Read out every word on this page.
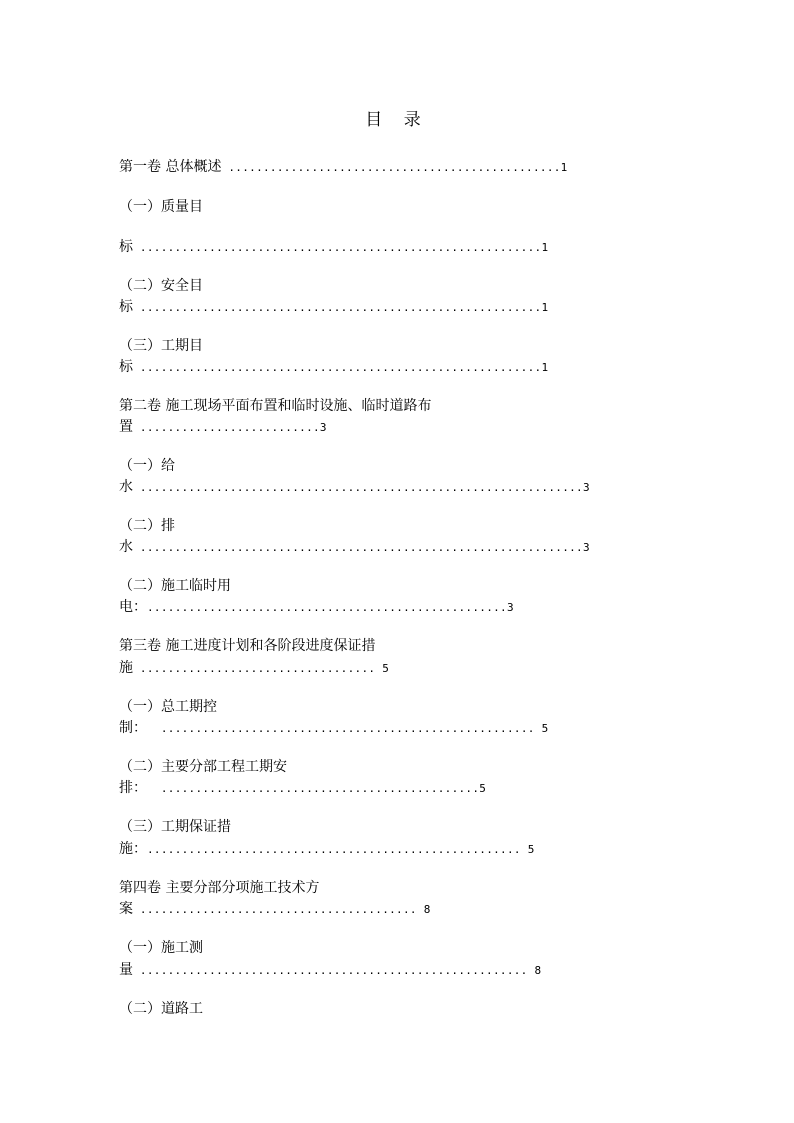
目 录
第一卷 总体概述 ................................................1
（一）质量目
标 ..........................................................1
（二）安全目
标 ..........................................................1
（三）工期目
标 ..........................................................1
第二卷 施工现场平面布置和临时设施、临时道路布
置 ..........................3
（一）给
水 ................................................................3
（二）排
水 ................................................................3
（二）施工临时用
电：....................................................3
第三卷 施工进度计划和各阶段进度保证措
施 .................................. 5
（一）总工期控
制：  ...................................................... 5
（二）主要分部工程工期安
排：  ..............................................5
（三）工期保证措
施：...................................................... 5
第四卷 主要分部分项施工技术方
案 ........................................ 8
（一）施工测
量 ........................................................ 8
（二）道路工
